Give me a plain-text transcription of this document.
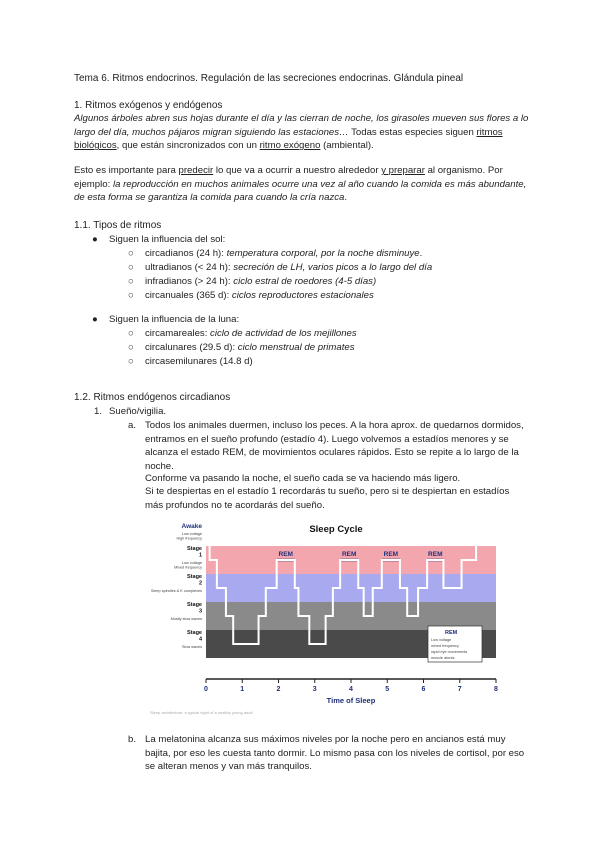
Tema 6. Ritmos endocrinos. Regulación de las secreciones endocrinas. Glándula pineal
1. Ritmos exógenos y endógenos

Algunos árboles abren sus hojas durante el día y las cierran de noche, los girasoles mueven sus flores a lo largo del día, muchos pájaros migran siguiendo las estaciones… Todas estas especies siguen ritmos biológicos, que están sincronizados con un ritmo exógeno (ambiental).

Esto es importante para predecir lo que va a ocurrir a nuestro alrededor y preparar al organismo. Por ejemplo: la reproducción en muchos animales ocurre una vez al año cuando la comida es más abundante, de esta forma se garantiza la comida para cuando la cría nazca.

1.1. Tipos de ritmos
● Siguen la influencia del sol:
○ circadianos (24 h): temperatura corporal, por la noche disminuye.
○ ultradianos (< 24 h): secreción de LH, varios picos a lo largo del día
○ infradianos (> 24 h): ciclo estral de roedores (4-5 días)
○ circanuales (365 d): ciclos reproductores estacionales
● Siguen la influencia de la luna:
○ circamareales: ciclo de actividad de los mejillones
○ circalunares (29.5 d): ciclo menstrual de primates
○ circasemilunares (14.8 d)
1.2. Ritmos endógenos circadianos
1. Sueño/vigilia.
a. Todos los animales duermen, incluso los peces. A la hora aprox. de quedarnos dormidos, entramos en el sueño profundo (estadío 4). Luego volvemos a estadíos menores y se alcanza el estado REM, de movimientos oculares rápidos. Esto se repite a lo largo de la noche.

Conforme va pasando la noche, el sueño cada se va haciendo más ligero.

Si te despiertas en el estadío 1 recordarás tu sueño, pero si te despiertan en estadíos más profundos no te acordarás del sueño.

Awake
Low voltage High frequency
Stage 1
Low voltage Mixed frequency
Stage 2
Sleep spindles & K complexes
Stage 3
Mostly slow waves
Stage 4
Slow waves
0	1	2	3	4	5	6	7	8
REM	REM	REM	REM
Sleep Cycle
Time of Sleep
REM
Low voltage
mixed frequency
rapid eye movements
muscle atonia
Sleep architecture: a typical night of a healthy young adult
b. La melatonina alcanza sus máximos niveles por la noche pero en ancianos está muy bajita, por eso les cuesta tanto dormir. Lo mismo pasa con los niveles de cortisol, por eso se alteran menos y van más tranquilos.
